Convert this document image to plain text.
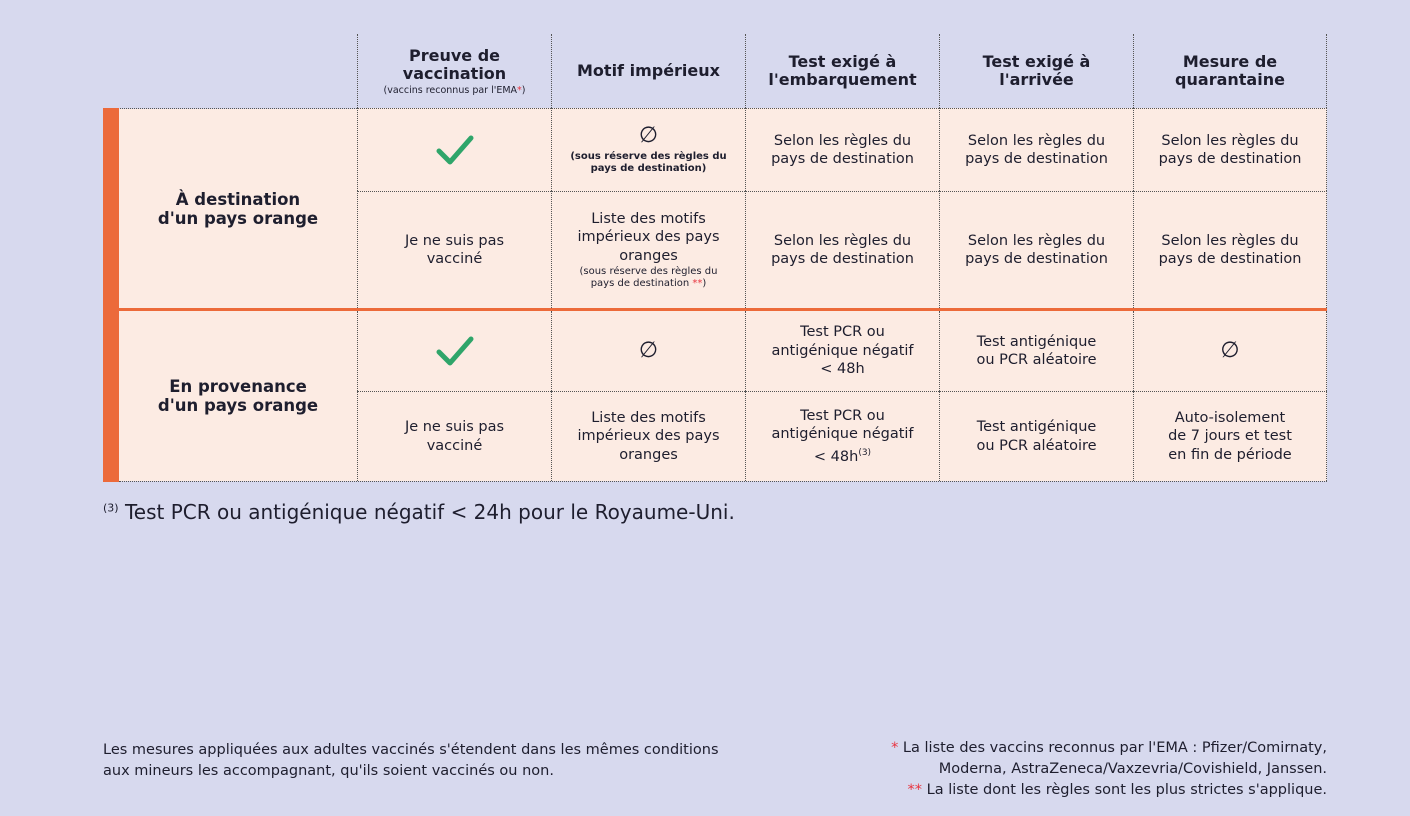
Preuve de
vaccination
(vaccins reconnus par l'EMA*)
Motif impérieux	Test exigé à
l'embarquement
Test exigé à
l'arrivée
Mesure de
quarantaine
À destination
d'un pays orange
∅
(sous réserve des règles du
pays de destination)
Selon les règles du
pays de destination
Selon les règles du
pays de destination
Selon les règles du
pays de destination
Je ne suis pas
vacciné
Liste des motifs
impérieux des pays
oranges
(sous réserve des règles du
pays de destination **)
Selon les règles du
pays de destination
Selon les règles du
pays de destination
Selon les règles du
pays de destination
En provenance
d'un pays orange
∅
Test PCR ou
antigénique négatif
< 48h
Test antigénique
ou PCR aléatoire	∅
Je ne suis pas
vacciné
Liste des motifs
impérieux des pays
oranges
Test PCR ou
antigénique négatif
< $48h^{(3)}$
Test antigénique
ou PCR aléatoire
Auto-isolement
de 7 jours et test
en fin de période
$^{(3)}$ Test PCR ou antigénique négatif < 24h pour le Royaume-Uni.
Les mesures appliquées aux adultes vaccinés s'étendent dans les mêmes conditions
aux mineurs les accompagnant, qu'ils soient vaccinés ou non.
* La liste des vaccins reconnus par l'EMA : Pfizer/Comirnaty,
Moderna, AstraZeneca/Vaxzevria/Covishield, Janssen.
** La liste dont les règles sont les plus strictes s'applique.
